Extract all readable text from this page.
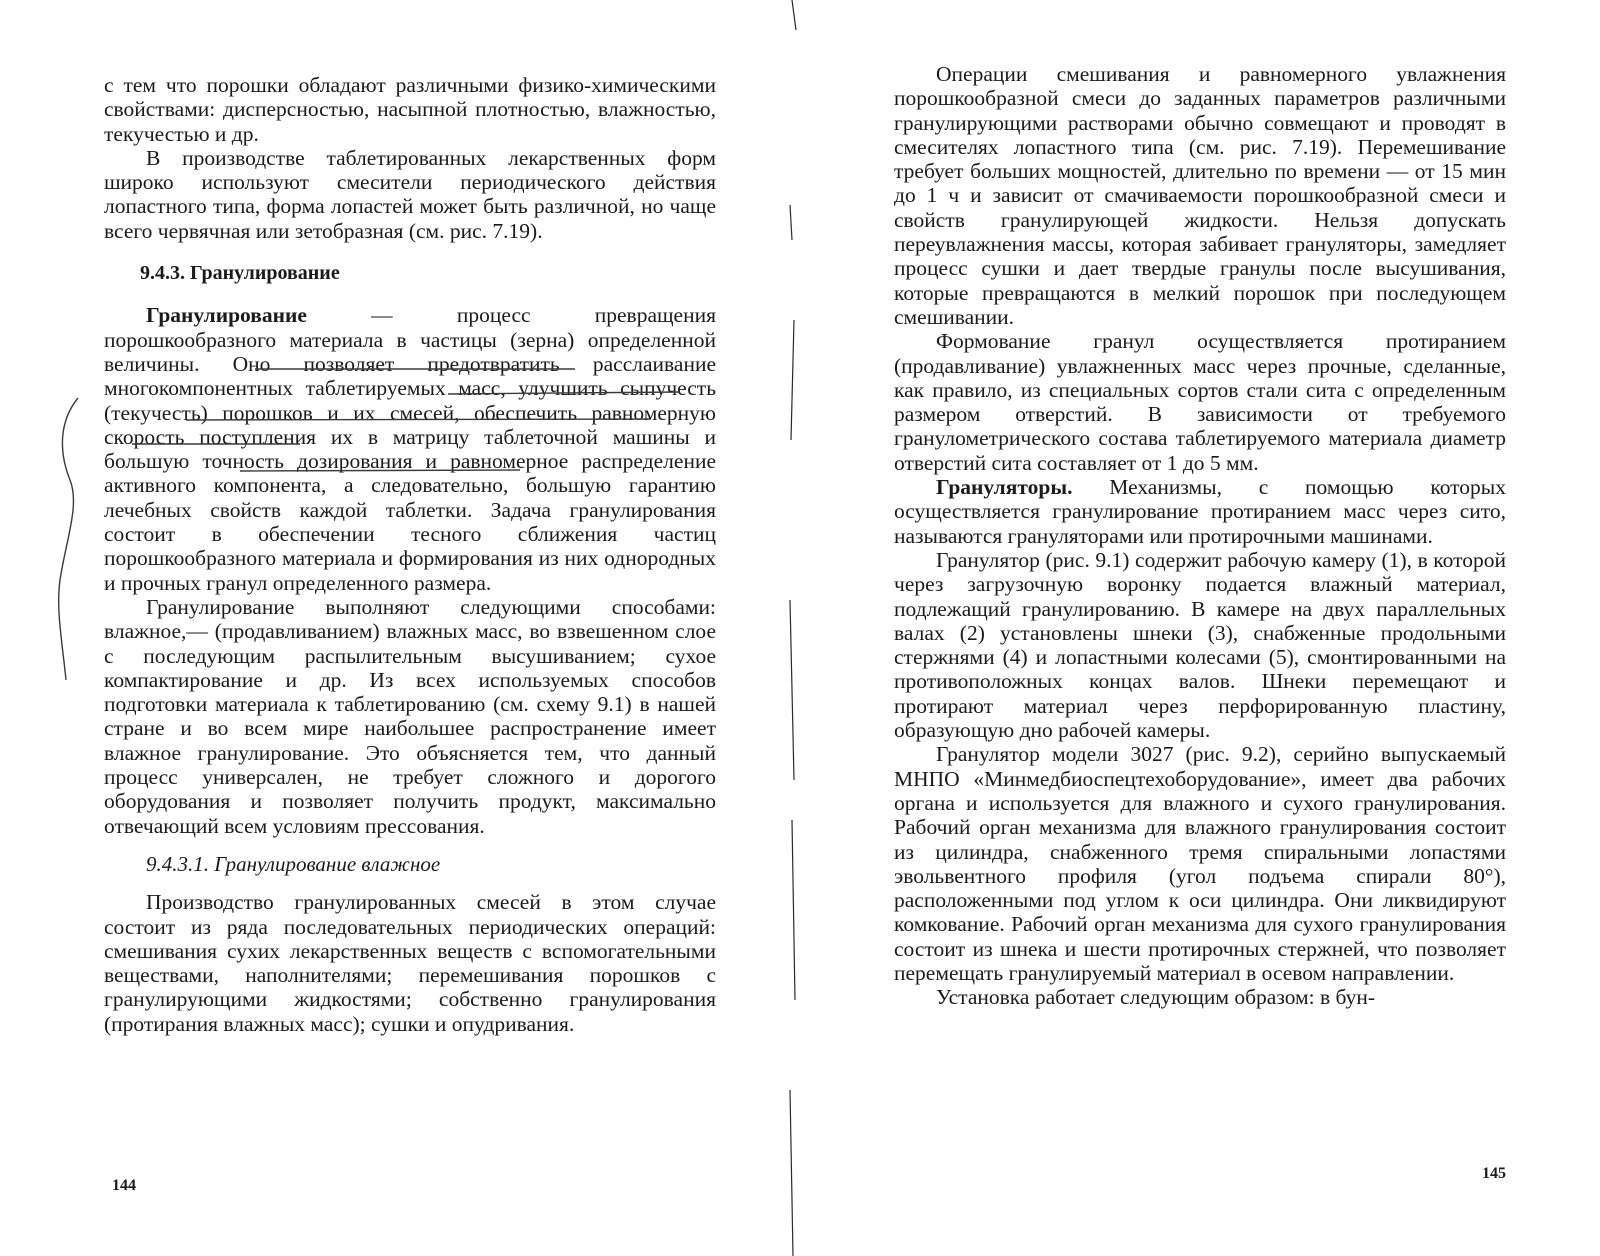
с тем что порошки обладают различными физико-химическими свойствами: дисперсностью, насыпной плотностью, влажностью, текучестью и др.

В производстве таблетированных лекарственных форм широко используют смесители периодического действия лопастного типа, форма лопастей может быть различной, но чаще всего червячная или зетобразная (см. рис. 7.19).

9.4.3. Гранулирование

Гранулирование — процесс превращения порошкообразного материала в частицы (зерна) определенной величины. Оно позволяет предотвратить расслаивание многокомпонентных таблетируемых масс, улучшить сыпучесть (текучесть) порошков и их смесей, обеспечить равномерную скорость поступления их в матрицу таблеточной машины и большую точность дозирования и равномерное распределение активного компонента, а следовательно, большую гарантию лечебных свойств каждой таблетки. Задача гранулирования состоит в обеспечении тесного сближения частиц порошкообразного материала и формирования из них однородных и прочных гранул определенного размера.

Гранулирование выполняют следующими способами: влажное,— (продавливанием) влажных масс, во взвешенном слое с последующим распылительным высушиванием; сухое компактирование и др. Из всех используемых способов подготовки материала к таблетированию (см. схему 9.1) в нашей стране и во всем мире наибольшее распространение имеет влажное гранулирование. Это объясняется тем, что данный процесс универсален, не требует сложного и дорогого оборудования и позволяет получить продукт, максимально отвечающий всем условиям прессования.

9.4.3.1. Гранулирование влажное

Производство гранулированных смесей в этом случае состоит из ряда последовательных периодических операций: смешивания сухих лекарственных веществ с вспомогательными веществами, наполнителями; перемешивания порошков с гранулирующими жидкостями; собственно гранулирования (протирания влажных масс); сушки и опудривания.

144

Операции смешивания и равномерного увлажнения порошкообразной смеси до заданных параметров различными гранулирующими растворами обычно совмещают и проводят в смесителях лопастного типа (см. рис. 7.19). Перемешивание требует больших мощностей, длительно по времени — от 15 мин до 1 ч и зависит от смачиваемости порошкообразной смеси и свойств гранулирующей жидкости. Нельзя допускать переувлажнения массы, которая забивает грануляторы, замедляет процесс сушки и дает твердые гранулы после высушивания, которые превращаются в мелкий порошок при последующем смешивании.

Формование гранул осуществляется протиранием (продавливание) увлажненных масс через прочные, сделанные, как правило, из специальных сортов стали сита с определенным размером отверстий. В зависимости от требуемого гранулометрического состава таблетируемого материала диаметр отверстий сита составляет от 1 до 5 мм.

Грануляторы. Механизмы, с помощью которых осуществляется гранулирование протиранием масс через сито, называются грануляторами или протирочными машинами.

Гранулятор (рис. 9.1) содержит рабочую камеру (1), в которой через загрузочную воронку подается влажный материал, подлежащий гранулированию. В камере на двух параллельных валах (2) установлены шнеки (3), снабженные продольными стержнями (4) и лопастными колесами (5), смонтированными на противоположных концах валов. Шнеки перемещают и протирают материал через перфорированную пластину, образующую дно рабочей камеры.

Гранулятор модели 3027 (рис. 9.2), серийно выпускаемый МНПО «Минмедбиоспецтехоборудование», имеет два рабочих органа и используется для влажного и сухого гранулирования. Рабочий орган механизма для влажного гранулирования состоит из цилиндра, снабженного тремя спиральными лопастями эвольвентного профиля (угол подъема спирали 80°), расположенными под углом к оси цилиндра. Они ликвидируют комкование. Рабочий орган механизма для сухого гранулирования состоит из шнека и шести протирочных стержней, что позволяет перемещать гранулируемый материал в осевом направлении.

Установка работает следующим образом: в бун-

145
